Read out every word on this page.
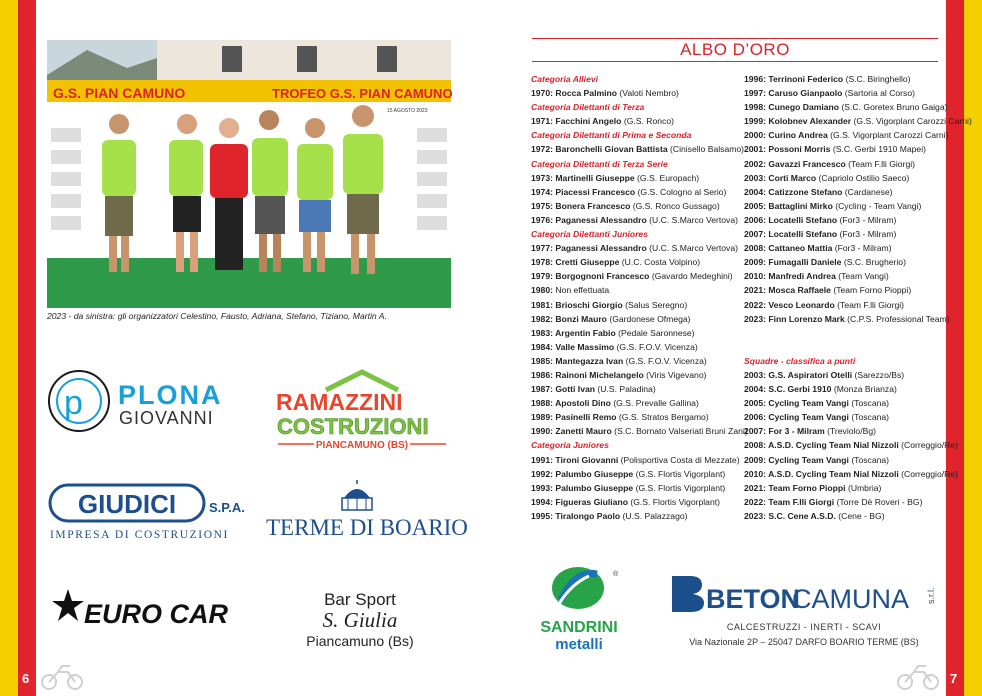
6	7
G.S. PIAN CAMUNO	TROFEO G.S. PIAN CAMUNO
15 AGOSTO 2023
2023 - da sinistra: gli organizzatori Celestino, Fausto, Adriana, Stefano, Tiziano, Martin A.
p PLONA
GIOVANNI
RAMAZZINI
COSTRUZIONI
PIANCAMUNO (BS)
GIUDICI	S.P.A.
IMPRESA DI COSTRUZIONI TERME DI BOARIO
EURO CAR	Bar Sport
S. Giulia
Piancamuno (Bs)
ALBO D’ORO
Categoria Allievi
1970: Rocca Palmino (Valoti Nembro)
Categoria Dilettanti di Terza
1971: Facchini Angelo (G.S. Ronco)
Categoria Dilettanti di Prima e Seconda
1972: Baronchelli Giovan Battista (Cinisello Balsamo)
Categoria Dilettanti di Terza Serie
1973: Martinelli Giuseppe (G.S. Europach)
1974: Piacessi Francesco (G.S. Cologno al Serio)
1975: Bonera Francesco (G.S. Ronco Gussago)
1976: Paganessi Alessandro (U.C. S.Marco Vertova)
Categoria Dilettanti Juniores
1977: Paganessi Alessandro (U.C. S.Marco Vertova)
1978: Cretti Giuseppe (U.C. Costa Volpino)
1979: Borgognoni Francesco (Gavardo Medeghini)
1980: Non effettuata
1981: Brioschi Giorgio (Salus Seregno)
1982: Bonzi Mauro (Gardonese Ofmega)
1983: Argentin Fabio (Pedale Saronnese)
1984: Valle Massimo (G.S. F.O.V. Vicenza)
1985: Mantegazza Ivan (G.S. F.O.V. Vicenza)
1986: Rainoni Michelangelo (Viris Vigevano)
1987: Gotti Ivan (U.S. Paladina)
1988: Apostoli Dino (G.S. Prevalle Gallina)
1989: Pasinelli Remo (G.S. Stratos Bergamo)
1990: Zanetti Mauro (S.C. Bornato Valseriati Bruni Zani)
Categoria Juniores
1991: Tironi Giovanni (Polisportiva Costa di Mezzate)
1992: Palumbo Giuseppe (G.S. Flortis Vigorplant)
1993: Palumbo Giuseppe (G.S. Flortis Vigorplant)
1994: Figueras Giuliano (G.S. Flortis Vigorplant)
1995: Tiralongo Paolo (U.S. Palazzago)
1996: Terrinoni Federico (S.C. Biringhello)
1997: Caruso Gianpaolo (Sartoria al Corso)
1998: Cunego Damiano (S.C. Goretex Bruno Gaiga)
1999: Kolobnev Alexander (G.S. Vigorplant Carozzi Carni)
2000: Curino Andrea (G.S. Vigorplant Carozzi Carni)
2001: Possoni Morris (S.C. Gerbi 1910 Mapei)
2002: Gavazzi Francesco (Team F.lli Giorgi)
2003: Corti Marco (Capriolo Ostilio Saeco)
2004: Catizzone Stefano (Cardanese)
2005: Battaglini Mirko (Cycling - Team Vangi)
2006: Locatelli Stefano (For3 - Milram)
2007: Locatelli Stefano (For3 - Milram)
2008: Cattaneo Mattia (For3 - Milram)
2009: Fumagalli Daniele (S.C. Brugherio)
2010: Manfredi Andrea (Team Vangi)
2021: Mosca Raffaele (Team Forno Pioppi)
2022: Vesco Leonardo (Team F.lli Giorgi)
2023: Finn Lorenzo Mark (C.P.S. Professional Team)
Squadre - classifica a punti
2003: G.S. Aspiratori Otelli (Sarezzo/Bs)
2004: S.C. Gerbi 1910 (Monza Brianza)
2005: Cycling Team Vangi (Toscana)
2006: Cycling Team Vangi (Toscana)
2007: For 3 - Milram (Treviolo/Bg)
2008: A.S.D. Cycling Team Nial Nizzoli (Correggio/Re)
2009: Cycling Team Vangi (Toscana)
2010: A.S.D. Cycling Team Nial Nizzoli (Correggio/Re)
2021: Team Forno Pioppi (Umbria)
2022: Team F.lli Giorgi (Torre Dè Roveri - BG)
2023: S.C. Cene A.S.D. (Cene - BG)
®
SANDRINI
metalli
BETON
CAMUNA s.r.l.
CALCESTRUZZI - INERTI - SCAVI
Via Nazionale 2P – 25047 DARFO BOARIO TERME (BS)
